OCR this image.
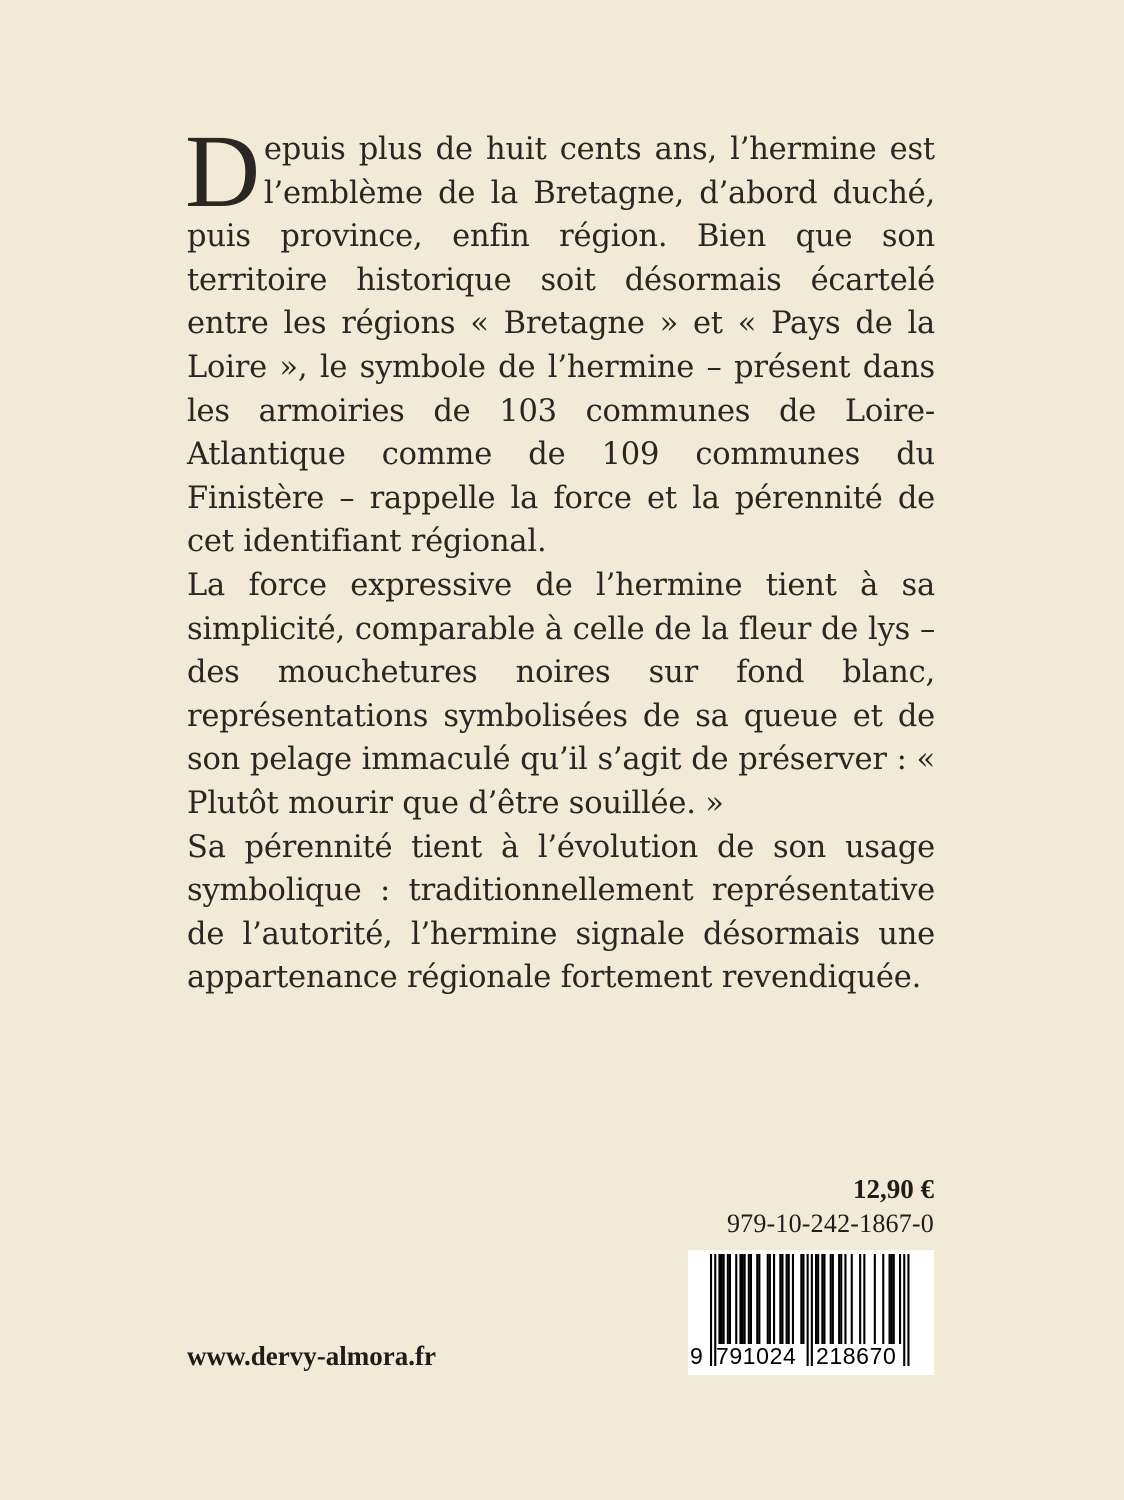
Depuis plus de huit cents ans, l’hermine est l’emblème de la Bretagne, d’abord duché, puis province, enfin région. Bien que son territoire historique soit désormais écartelé entre les régions « Bretagne » et « Pays de la Loire », le symbole de l’hermine – présent dans les armoiries de 103 communes de Loire-Atlantique comme de 109 communes du Finistère – rappelle la force et la pérennité de cet identifiant régional.

La force expressive de l’hermine tient à sa simplicité, comparable à celle de la fleur de lys – des mouchetures noires sur fond blanc, représentations symbolisées de sa queue et de son pelage immaculé qu’il s’agit de préserver : « Plutôt mourir que d’être souillée. »

Sa pérennité tient à l’évolution de son usage symbolique : traditionnellement représentative de l’autorité, l’hermine signale désormais une appartenance régionale fortement revendiquée.

12,90 €
979-10-242-1867-0
9 791024 218670
www.dervy-almora.fr
